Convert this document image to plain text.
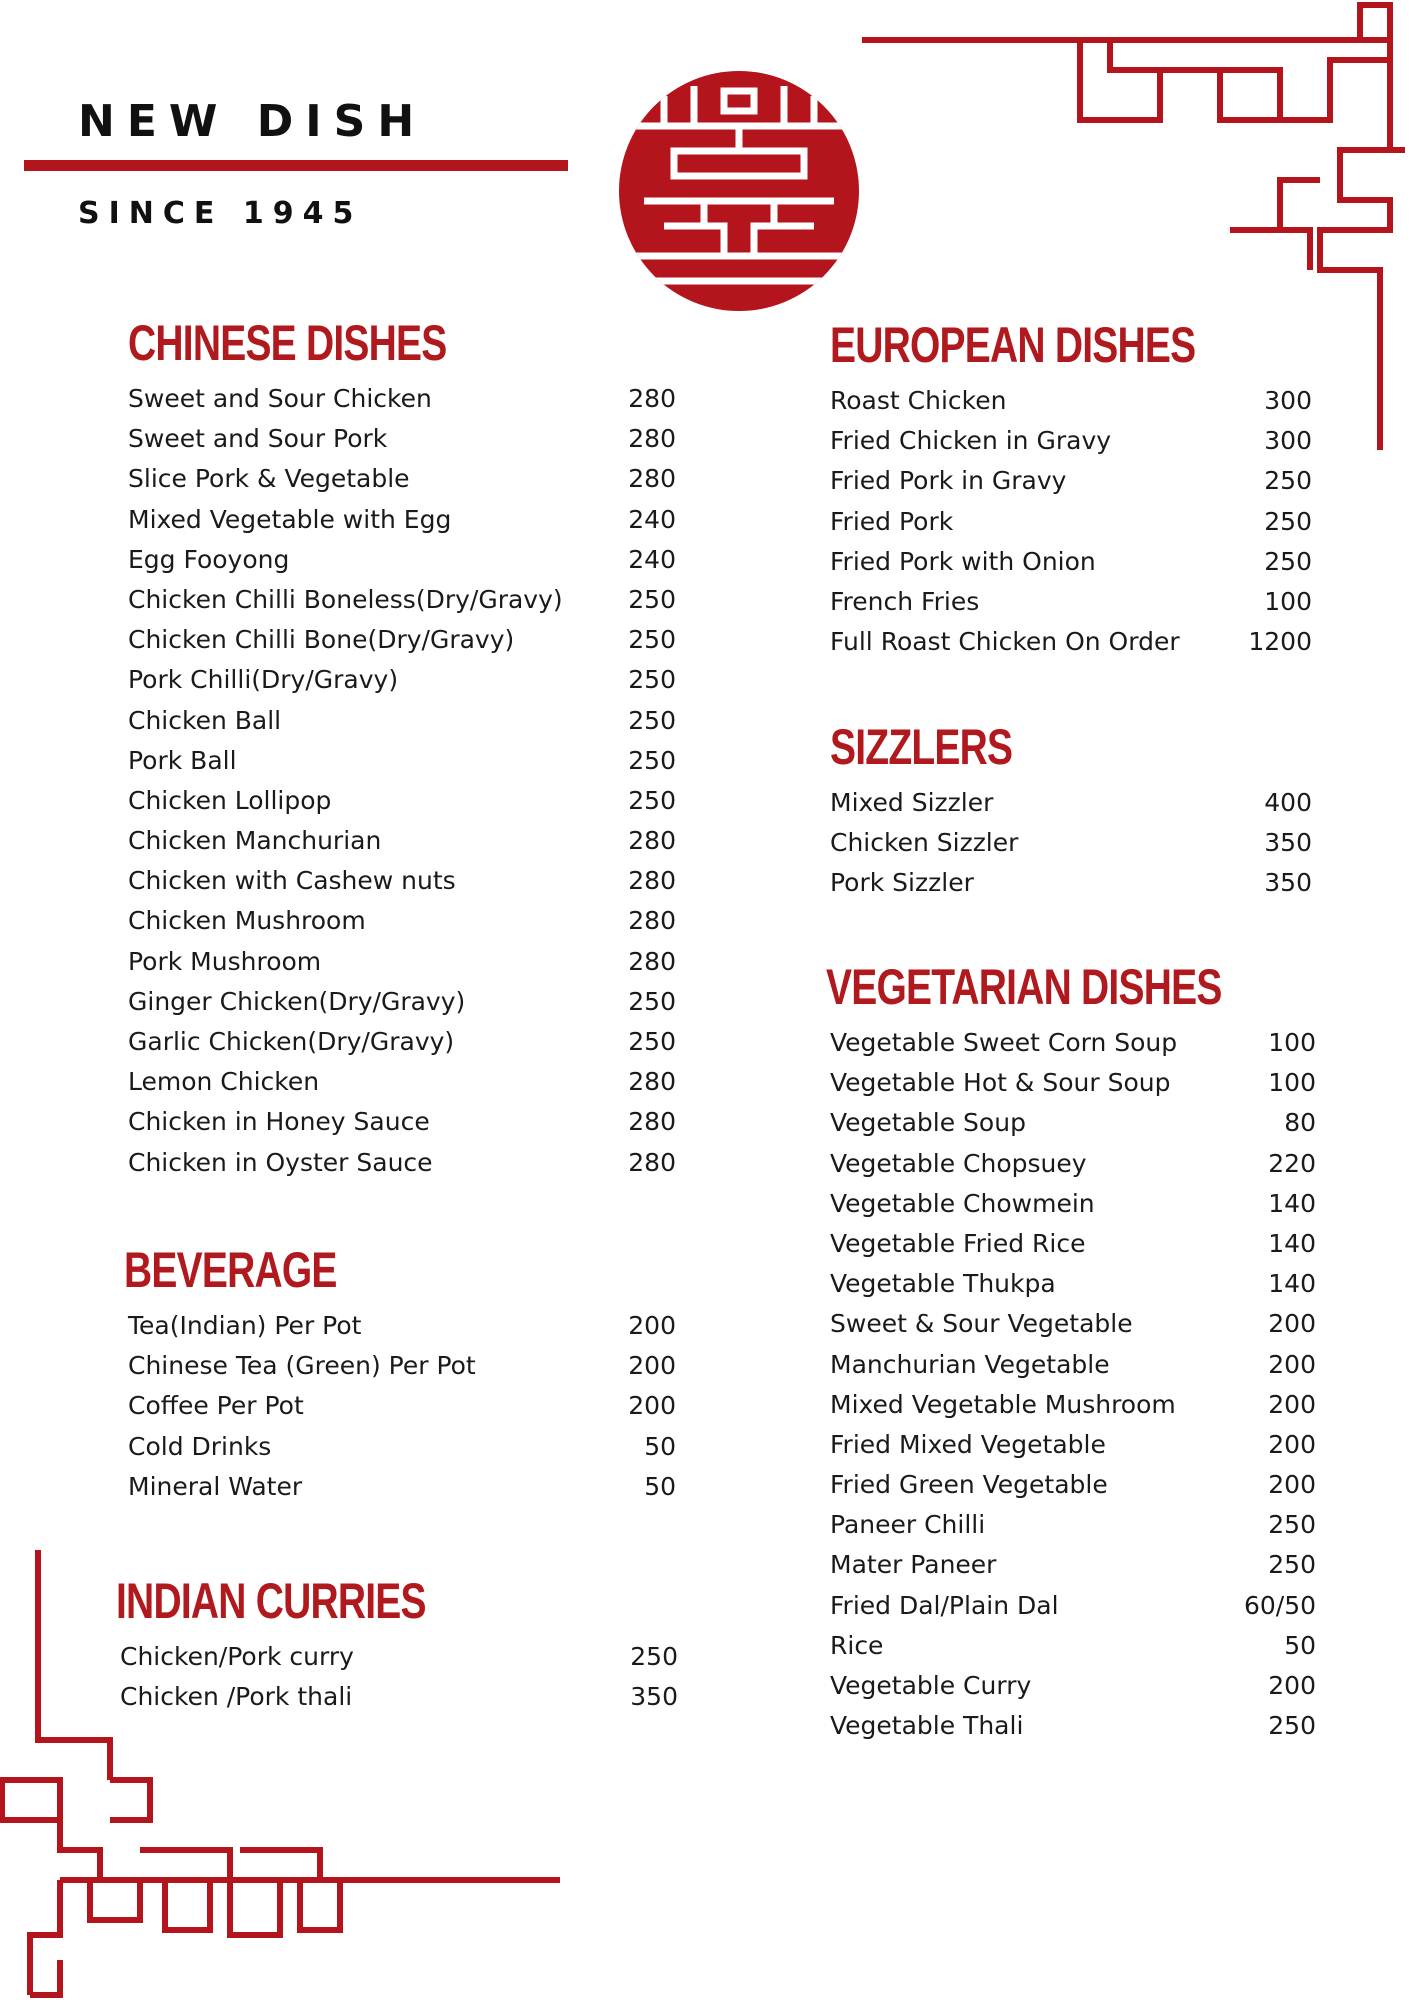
NEW DISH
SINCE 1945
CHINESE DISHES
Sweet and Sour Chicken	280
Sweet and Sour Pork	280
Slice Pork & Vegetable	280
Mixed Vegetable with Egg	240
Egg Fooyong	240
Chicken Chilli Boneless(Dry/Gravy)	250
Chicken Chilli Bone(Dry/Gravy)	250
Pork Chilli(Dry/Gravy)	250
Chicken Ball	250
Pork Ball	250
Chicken Lollipop	250
Chicken Manchurian	280
Chicken with Cashew nuts	280
Chicken Mushroom	280
Pork Mushroom	280
Ginger Chicken(Dry/Gravy)	250
Garlic Chicken(Dry/Gravy)	250
Lemon Chicken	280
Chicken in Honey Sauce	280
Chicken in Oyster Sauce	280
BEVERAGE
Tea(Indian) Per Pot	200
Chinese Tea (Green) Per Pot	200
Coffee Per Pot	200
Cold Drinks	50
Mineral Water	50
INDIAN CURRIES
Chicken/Pork curry	250
Chicken /Pork thali	350
EUROPEAN DISHES
Roast Chicken	300
Fried Chicken in Gravy	300
Fried Pork in Gravy	250
Fried Pork	250
Fried Pork with Onion	250
French Fries	100
Full Roast Chicken On Order	1200
SIZZLERS
Mixed Sizzler	400
Chicken Sizzler	350
Pork Sizzler	350
VEGETARIAN DISHES
Vegetable Sweet Corn Soup	100
Vegetable Hot & Sour Soup	100
Vegetable Soup	80
Vegetable Chopsuey	220
Vegetable Chowmein	140
Vegetable Fried Rice	140
Vegetable Thukpa	140
Sweet & Sour Vegetable	200
Manchurian Vegetable	200
Mixed Vegetable Mushroom	200
Fried Mixed Vegetable	200
Fried Green Vegetable	200
Paneer Chilli	250
Mater Paneer	250
Fried Dal/Plain Dal	60/50
Rice	50
Vegetable Curry	200
Vegetable Thali	250
